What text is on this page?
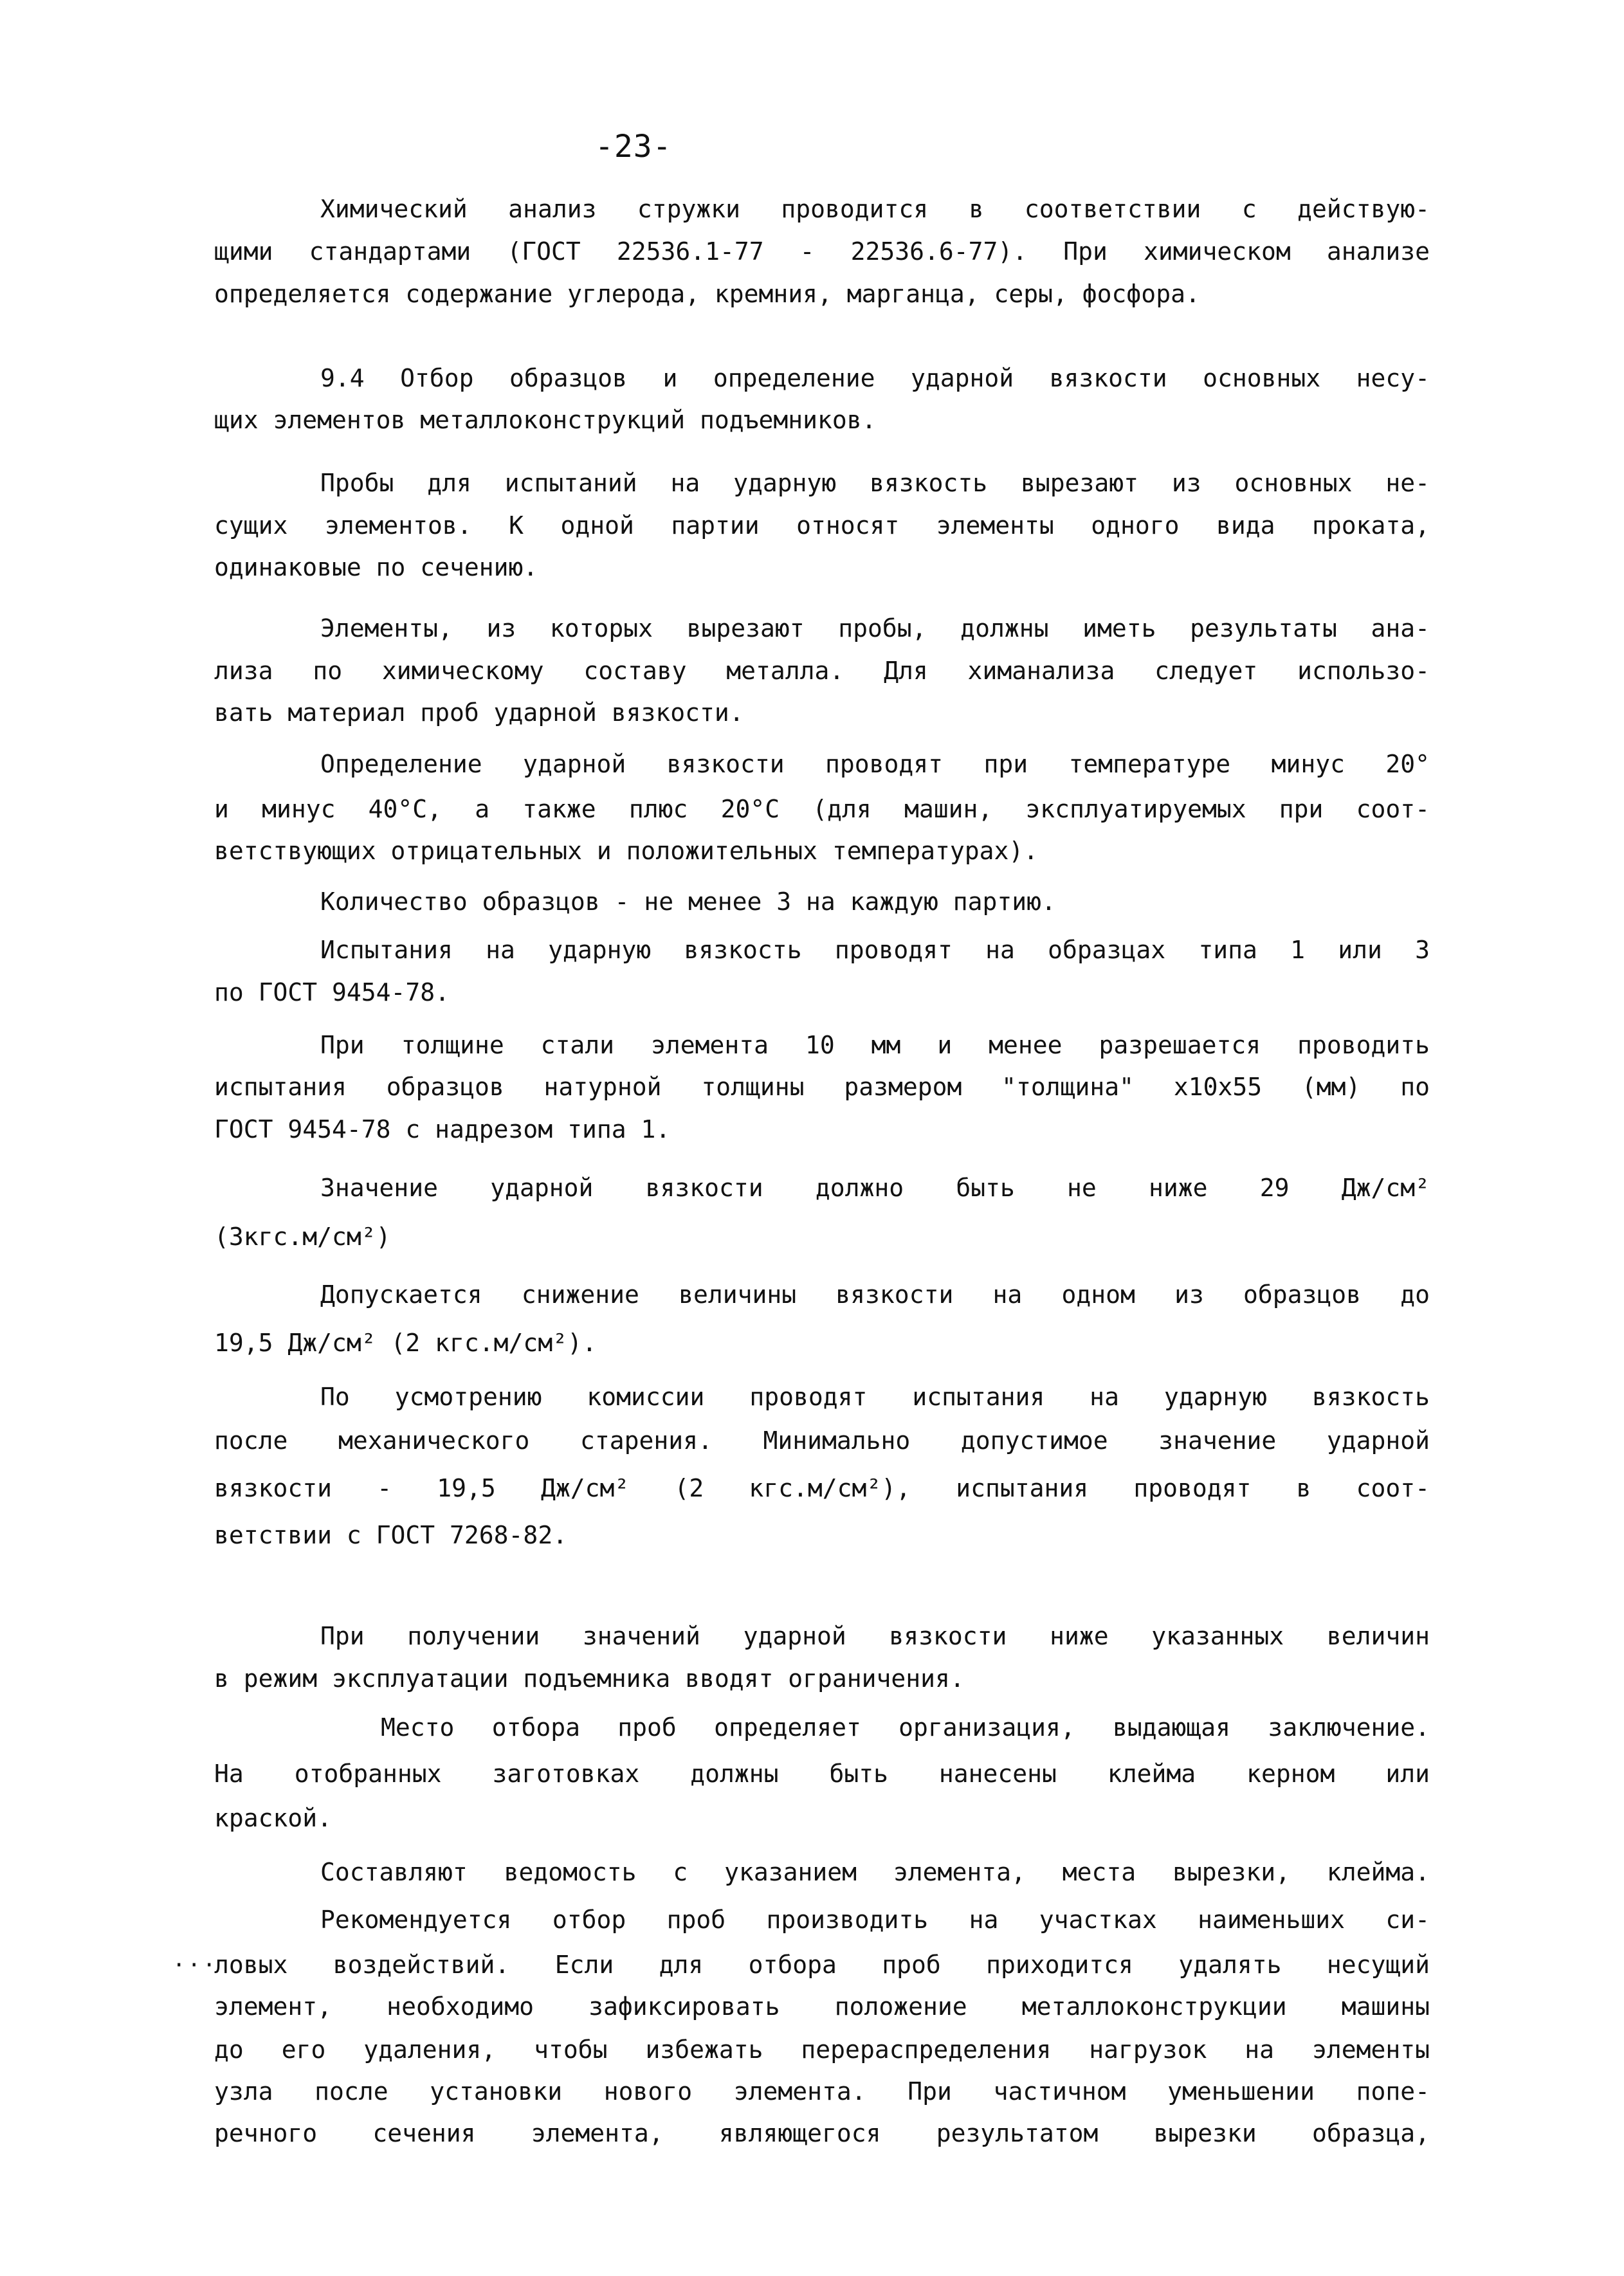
-23-
Химический анализ стружки проводится в соответствии с действую-
щими стандартами (ГОСТ 22536.1-77 - 22536.6-77). При химическом анализе
определяется содержание углерода, кремния, марганца, серы, фосфора.
9.4 Отбор образцов и определение ударной вязкости основных несу-
щих элементов металлоконструкций подъемников.
Пробы для испытаний на ударную вязкость вырезают из основных не-
сущих элементов. К одной партии относят элементы одного вида проката,
одинаковые по сечению.
Элементы, из которых вырезают пробы, должны иметь результаты ана-
лиза по химическому составу металла. Для химанализа следует использо-
вать материал проб ударной вязкости.
Определение ударной вязкости проводят при температуре минус 20°
и минус 40°С, а также плюс 20°С (для машин, эксплуатируемых при соот-
ветствующих отрицательных и положительных температурах).
Количество образцов - не менее 3 на каждую партию.
Испытания на ударную вязкость проводят на образцах типа 1 или 3
по ГОСТ 9454-78.
При толщине стали элемента 10 мм и менее разрешается проводить
испытания образцов натурной толщины размером "толщина" х10х55 (мм) по
ГОСТ 9454-78 с надрезом типа 1.
Значение ударной вязкости должно быть не ниже 29 Дж/см²
(3кгс.м/см²)
Допускается снижение величины вязкости на одном из образцов до
19,5 Дж/см² (2 кгс.м/см²).
По усмотрению комиссии проводят испытания на ударную вязкость
после механического старения. Минимально допустимое значение ударной
вязкости - 19,5 Дж/см² (2 кгс.м/см²), испытания проводят в соот-
ветствии с ГОСТ 7268-82.
При получении значений ударной вязкости ниже указанных величин
в режим эксплуатации подъемника вводят ограничения.
Место отбора проб определяет организация, выдающая заключение.
На отобранных заготовках должны быть нанесены клейма керном или
краской.
Составляют ведомость с указанием элемента, места вырезки, клейма.
Рекомендуется отбор проб производить на участках наименьших си-
ловых воздействий. Если для отбора проб приходится удалять несущий
элемент, необходимо зафиксировать положение металлоконструкции машины
до его удаления, чтобы избежать перераспределения нагрузок на элементы
узла после установки нового элемента. При частичном уменьшении попе-
речного сечения элемента, являющегося результатом вырезки образца,
···
